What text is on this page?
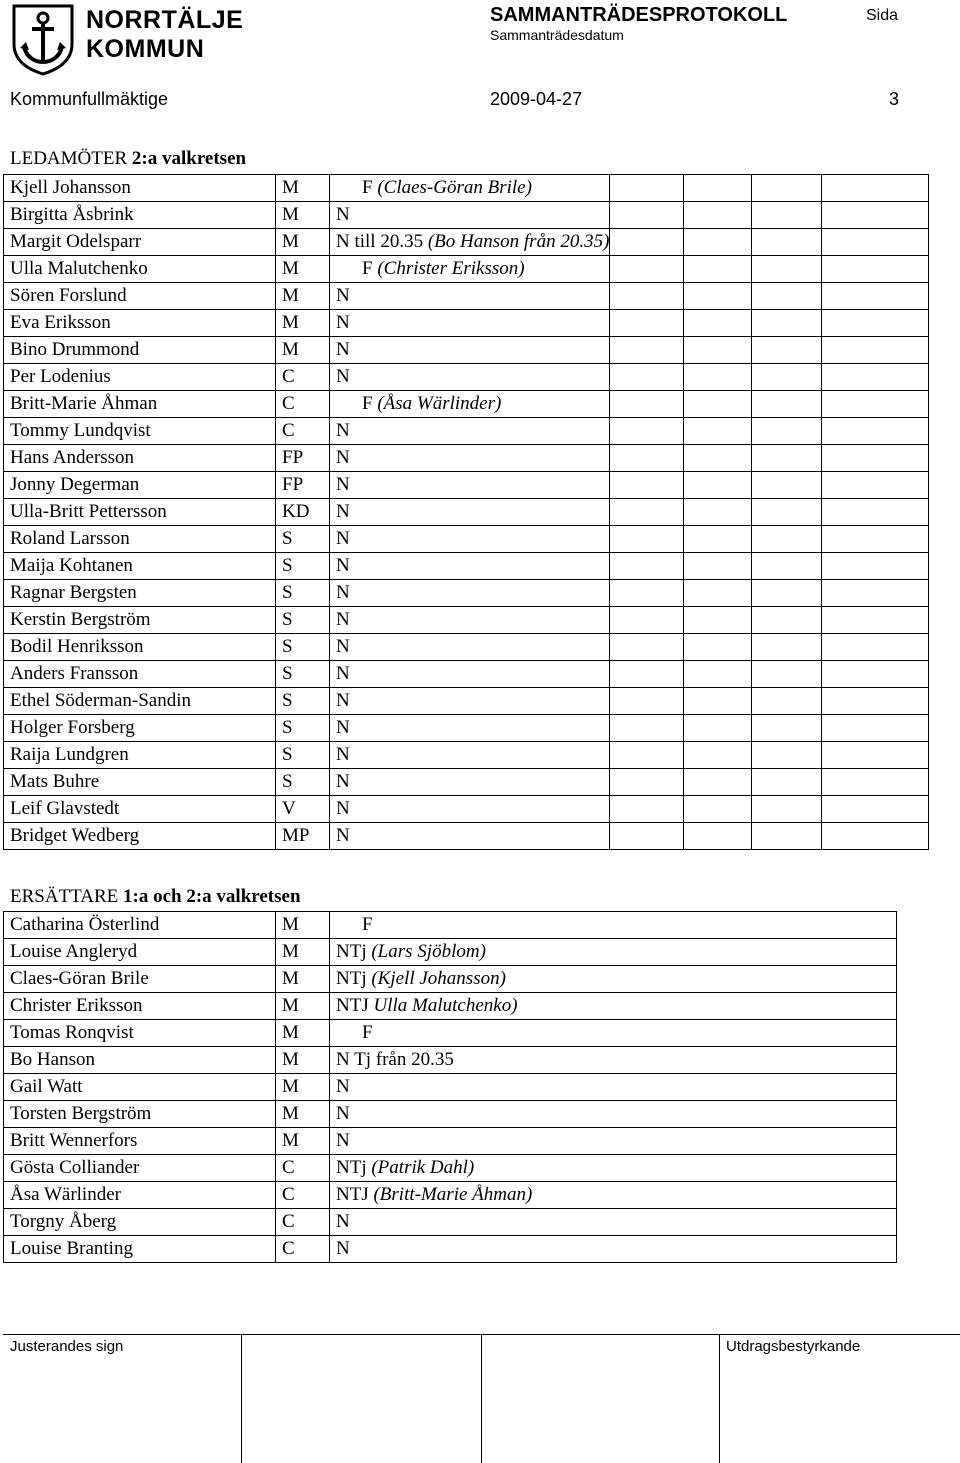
NORRTÄLJE
KOMMUN
SAMMANTRÄDESPROTOKOLL
Sammanträdesdatum
Sida
Kommunfullmäktige	2009-04-27	3
LEDAMÖTER 2:a valkretsen
Kjell Johansson	M	F (Claes-Göran Brile)				
Birgitta Åsbrink	M	N				
Margit Odelsparr	M	N till 20.35 (Bo Hanson från 20.35)				
Ulla Malutchenko	M	F (Christer Eriksson)				
Sören Forslund	M	N				
Eva Eriksson	M	N				
Bino Drummond	M	N				
Per Lodenius	C	N				
Britt-Marie Åhman	C	F (Åsa Wärlinder)				
Tommy Lundqvist	C	N				
Hans Andersson	FP	N				
Jonny Degerman	FP	N				
Ulla-Britt Pettersson	KD	N				
Roland Larsson	S	N				
Maija Kohtanen	S	N				
Ragnar Bergsten	S	N				
Kerstin Bergström	S	N				
Bodil Henriksson	S	N				
Anders Fransson	S	N				
Ethel Söderman-Sandin	S	N				
Holger Forsberg	S	N				
Raija Lundgren	S	N				
Mats Buhre	S	N				
Leif Glavstedt	V	N				
Bridget Wedberg	MP	N				
ERSÄTTARE 1:a och 2:a valkretsen
Catharina Österlind	M	F
Louise Angleryd	M	NTj (Lars Sjöblom)
Claes-Göran Brile	M	NTj (Kjell Johansson)
Christer Eriksson	M	NTJ Ulla Malutchenko)
Tomas Ronqvist	M	F
Bo Hanson	M	N Tj från 20.35
Gail Watt	M	N
Torsten Bergström	M	N
Britt Wennerfors	M	N
Gösta Colliander	C	NTj (Patrik Dahl)
Åsa Wärlinder	C	NTJ (Britt-Marie Åhman)
Torgny Åberg	C	N
Louise Branting	C	N
Justerandes sign	Utdragsbestyrkande
